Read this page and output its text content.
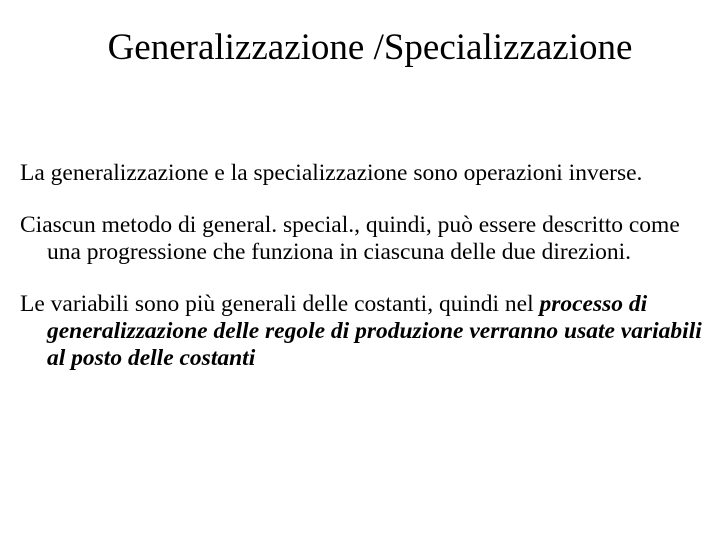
Generalizzazione /Specializzazione

La generalizzazione e la specializzazione sono operazioni inverse.

Ciascun metodo di general. special., quindi, può essere descritto come una progressione che funziona in ciascuna delle due direzioni.

Le variabili sono più generali delle costanti, quindi nel processo di generalizzazione delle regole di produzione verranno usate variabili al posto delle costanti
